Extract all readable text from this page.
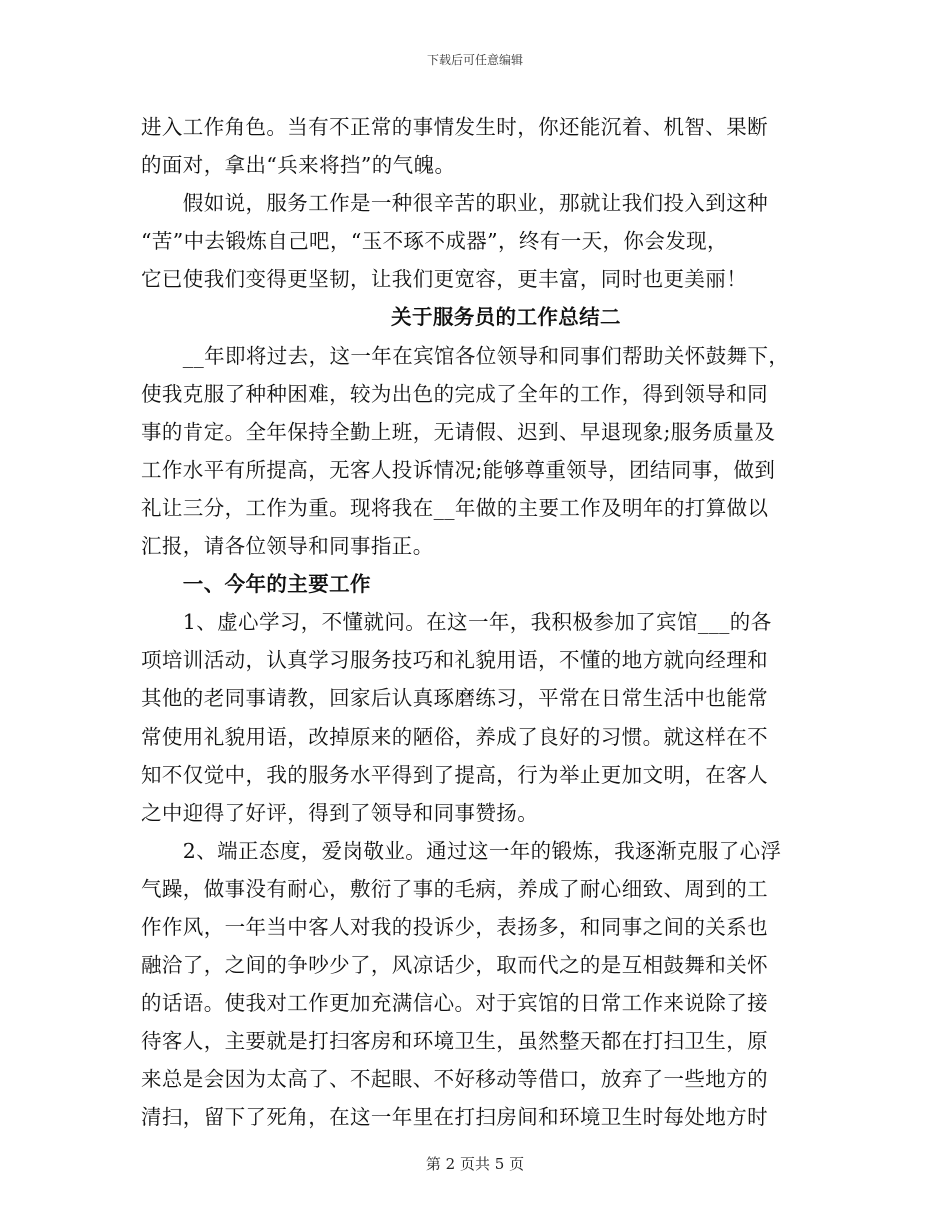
下载后可任意编辑
进入工作角色。当有不正常的事情发生时，你还能沉着、机智、果断
的面对，拿出“兵来将挡”的气魄。
　　假如说，服务工作是一种很辛苦的职业，那就让我们投入到这种
“苦”中去锻炼自己吧，“玉不琢不成器”，终有一天，你会发现，
它已使我们变得更坚韧，让我们更宽容，更丰富，同时也更美丽！
关于服务员的工作总结二
　　__年即将过去，这一年在宾馆各位领导和同事们帮助关怀鼓舞下，
使我克服了种种困难，较为出色的完成了全年的工作，得到领导和同
事的肯定。全年保持全勤上班，无请假、迟到、早退现象;服务质量及
工作水平有所提高，无客人投诉情况;能够尊重领导，团结同事，做到
礼让三分，工作为重。现将我在__年做的主要工作及明年的打算做以
汇报，请各位领导和同事指正。
　　一、今年的主要工作
　　1、虚心学习，不懂就问。在这一年，我积极参加了宾馆___的各
项培训活动，认真学习服务技巧和礼貌用语，不懂的地方就向经理和
其他的老同事请教，回家后认真琢磨练习，平常在日常生活中也能常
常使用礼貌用语，改掉原来的陋俗，养成了良好的习惯。就这样在不
知不仅觉中，我的服务水平得到了提高，行为举止更加文明，在客人
之中迎得了好评，得到了领导和同事赞扬。
　　2、端正态度，爱岗敬业。通过这一年的锻炼，我逐渐克服了心浮
气躁，做事没有耐心，敷衍了事的毛病，养成了耐心细致、周到的工
作作风，一年当中客人对我的投诉少，表扬多，和同事之间的关系也
融洽了，之间的争吵少了，风凉话少，取而代之的是互相鼓舞和关怀
的话语。使我对工作更加充满信心。对于宾馆的日常工作来说除了接
待客人，主要就是打扫客房和环境卫生，虽然整天都在打扫卫生，原
来总是会因为太高了、不起眼、不好移动等借口，放弃了一些地方的
清扫，留下了死角，在这一年里在打扫房间和环境卫生时每处地方时
第 2 页共 5 页
